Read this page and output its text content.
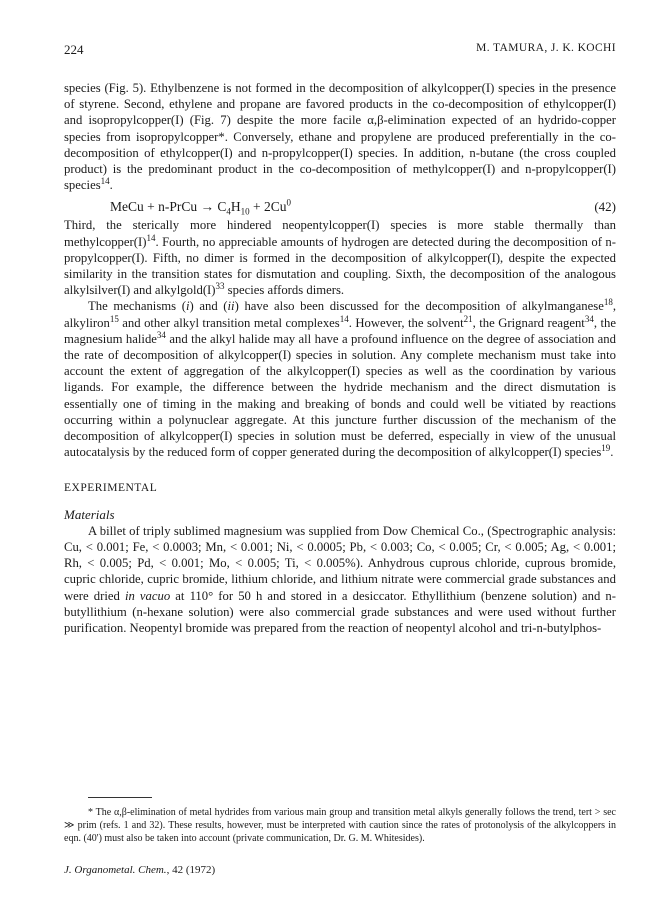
224	M. TAMURA, J. K. KOCHI

species (Fig. 5). Ethylbenzene is not formed in the decomposition of alkylcopper(I) species in the presence of styrene. Second, ethylene and propane are favored products in the co-decomposition of ethylcopper(I) and isopropylcopper(I) (Fig. 7) despite the more facile α,β-elimination expected of an hydrido-copper species from isopropylcopper*. Conversely, ethane and propylene are produced preferentially in the co-decomposition of ethylcopper(I) and n-propylcopper(I) species. In addition, n-butane (the cross coupled product) is the predominant product in the co-decomposition of methylcopper(I) and n-propylcopper(I) species$^{14}$.

MeCu + n-PrCu → $C_4H_{10} + 2Cu^0$	(42)

Third, the sterically more hindered neopentylcopper(I) species is more stable thermally than $methylcopper(I)^{14}$. Fourth, no appreciable amounts of hydrogen are detected during the decomposition of n-propylcopper(I). Fifth, no dimer is formed in the decomposition of alkylcopper(I), despite the expected similarity in the transition states for dismutation and coupling. Sixth, the decomposition of the analogous alkylsilver(I) and $alkylgold(I)^{33}$ species affords dimers.

The mechanisms (i) and (ii) have also been discussed for the decomposition of alkylmanganese$^{18}$, alkyliron$^{15}$ and other alkyl transition metal complexes$^{14}$. However, the solvent$^{21}$, the Grignard reagent$^{34}$, the magnesium halide$^{34}$ and the alkyl halide may all have a profound influence on the degree of association and the rate of decomposition of alkylcopper(I) species in solution. Any complete mechanism must take into account the extent of aggregation of the alkylcopper(I) species as well as the coordination by various ligands. For example, the difference between the hydride mechanism and the direct dismutation is essentially one of timing in the making and breaking of bonds and could well be vitiated by reactions occurring within a polynuclear aggregate. At this juncture further discussion of the mechanism of the decomposition of alkylcopper(I) species in solution must be deferred, especially in view of the unusual autocatalysis by the reduced form of copper generated during the decomposition of alkylcopper(I) species$^{19}$.

EXPERIMENTAL
Materials

A billet of triply sublimed magnesium was supplied from Dow Chemical Co., (Spectrographic analysis: Cu, < 0.001; Fe, < 0.0003; Mn, < 0.001; Ni, < 0.0005; Pb, < 0.003; Co, < 0.005; Cr, < 0.005; Ag, < 0.001; Rh, < 0.005; Pd, < 0.001; Mo, < 0.005; Ti, < 0.005%). Anhydrous cuprous chloride, cuprous bromide, cupric chloride, cupric bromide, lithium chloride, and lithium nitrate were commercial grade substances and were dried in vacuo at 110° for 50 h and stored in a desiccator. Ethyllithium (benzene solution) and n-butyllithium (n-hexane solution) were also commercial grade substances and were used without further purification. Neopentyl bromide was prepared from the reaction of neopentyl alcohol and tri-n-butylphos-

* The α,β-elimination of metal hydrides from various main group and transition metal alkyls generally follows the trend, tert > sec ≫ prim (refs. 1 and 32). These results, however, must be interpreted with caution since the rates of protonolysis of the alkylcoppers in eqn. (40') must also be taken into account (private communication, Dr. G. M. Whitesides).
J. Organometal. Chem., 42 (1972)
